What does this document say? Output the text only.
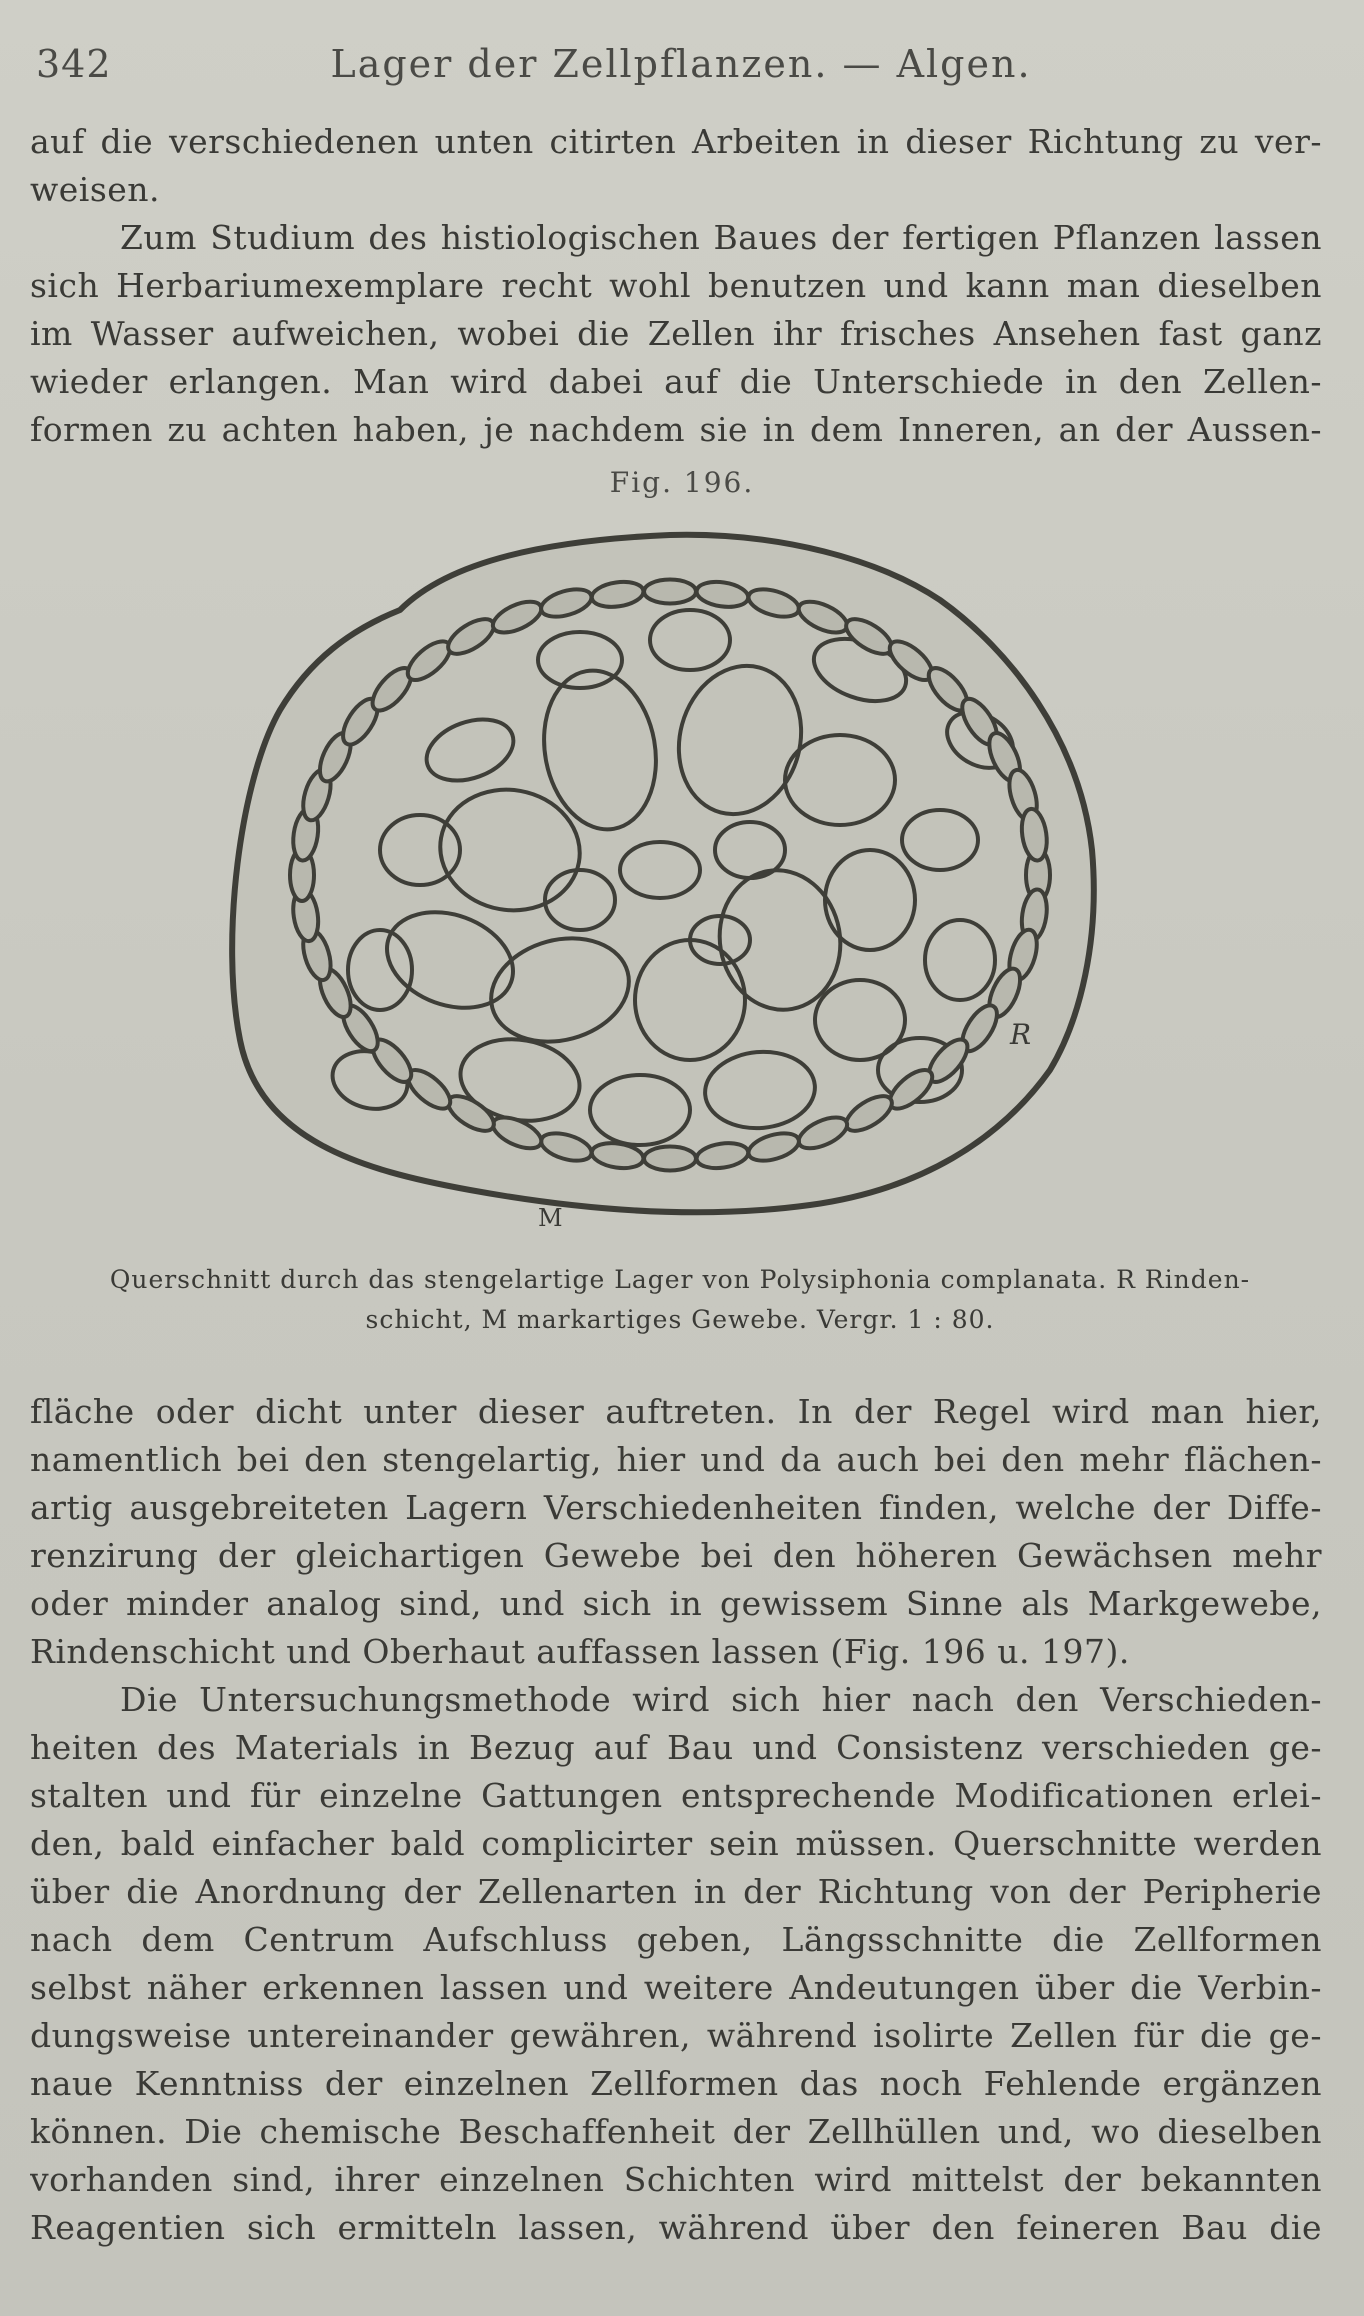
342	Lager der Zellpflanzen. — Algen.
auf die verschiedenen unten citirten Arbeiten in dieser Richtung zu ver-
weisen.
Zum Studium des histiologischen Baues der fertigen Pflanzen lassen
sich Herbariumexemplare recht wohl benutzen und kann man dieselben
im Wasser aufweichen, wobei die Zellen ihr frisches Ansehen fast ganz
wieder erlangen. Man wird dabei auf die Unterschiede in den Zellen-
formen zu achten haben, je nachdem sie in dem Inneren, an der Aussen-
Fig. 196.
R
M
Querschnitt durch das stengelartige Lager von Polysiphonia complanata. R Rinden-
schicht, M markartiges Gewebe. Vergr. 1 : 80.
fläche oder dicht unter dieser auftreten. In der Regel wird man hier,
namentlich bei den stengelartig, hier und da auch bei den mehr flächen-
artig ausgebreiteten Lagern Verschiedenheiten finden, welche der Diffe-
renzirung der gleichartigen Gewebe bei den höheren Gewächsen mehr
oder minder analog sind, und sich in gewissem Sinne als Markgewebe,
Rindenschicht und Oberhaut auffassen lassen (Fig. 196 u. 197).
Die Untersuchungsmethode wird sich hier nach den Verschieden-
heiten des Materials in Bezug auf Bau und Consistenz verschieden ge-
stalten und für einzelne Gattungen entsprechende Modificationen erlei-
den, bald einfacher bald complicirter sein müssen. Querschnitte werden
über die Anordnung der Zellenarten in der Richtung von der Peripherie
nach dem Centrum Aufschluss geben, Längsschnitte die Zellformen
selbst näher erkennen lassen und weitere Andeutungen über die Verbin-
dungsweise untereinander gewähren, während isolirte Zellen für die ge-
naue Kenntniss der einzelnen Zellformen das noch Fehlende ergänzen
können. Die chemische Beschaffenheit der Zellhüllen und, wo dieselben
vorhanden sind, ihrer einzelnen Schichten wird mittelst der bekannten
Reagentien sich ermitteln lassen, während über den feineren Bau die
